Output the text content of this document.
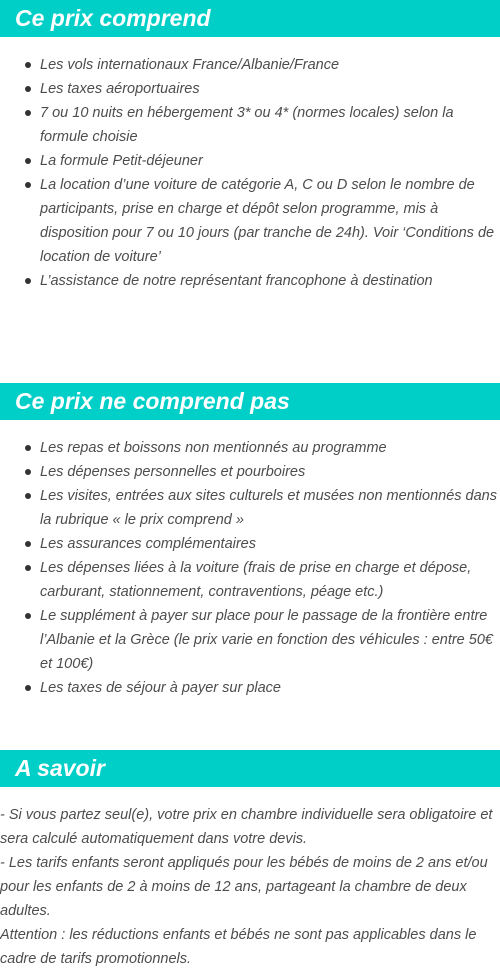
Ce prix comprend
Les vols internationaux France/Albanie/France
Les taxes aéroportuaires
7 ou 10 nuits en hébergement 3* ou 4* (normes locales) selon la formule choisie
La formule Petit-déjeuner
La location d’une voiture de catégorie A, C ou D selon le nombre de participants, prise en charge et dépôt selon programme, mis à disposition pour 7 ou 10 jours (par tranche de 24h). Voir ‘Conditions de location de voiture’
L’assistance de notre représentant francophone à destination
Ce prix ne comprend pas
Les repas et boissons non mentionnés au programme
Les dépenses personnelles et pourboires
Les visites, entrées aux sites culturels et musées non mentionnés dans la rubrique « le prix comprend »
Les assurances complémentaires
Les dépenses liées à la voiture (frais de prise en charge et dépose, carburant, stationnement, contraventions, péage etc.)
Le supplément à payer sur place pour le passage de la frontière entre l’Albanie et la Grèce (le prix varie en fonction des véhicules : entre 50€ et 100€)
Les taxes de séjour à payer sur place
A savoir

- Si vous partez seul(e), votre prix en chambre individuelle sera obligatoire et sera calculé automatiquement dans votre devis.

- Les tarifs enfants seront appliqués pour les bébés de moins de 2 ans et/ou pour les enfants de 2 à moins de 12 ans, partageant la chambre de deux adultes.

Attention : les réductions enfants et bébés ne sont pas applicables dans le cadre de tarifs promotionnels.
